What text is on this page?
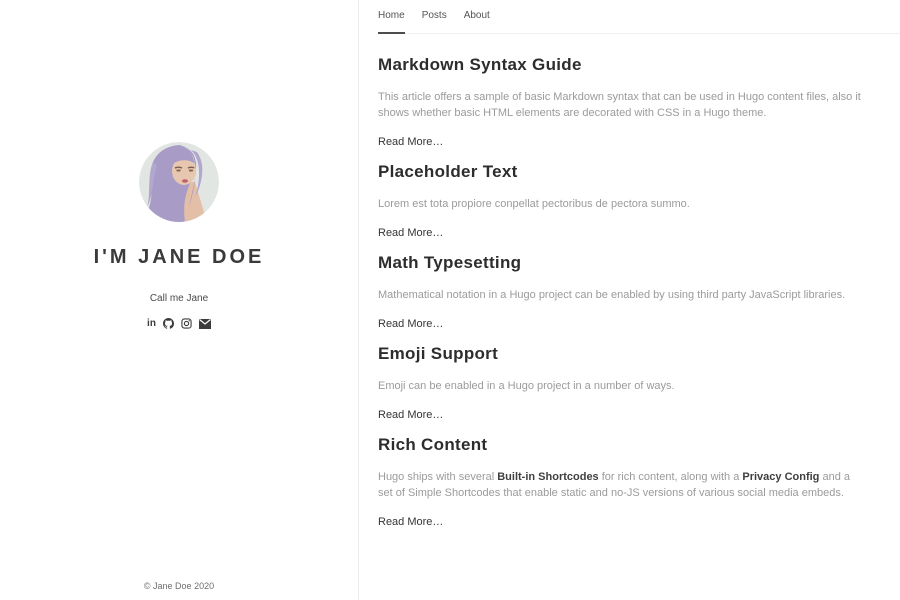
I'M JANE DOE
Call me Jane
in
© Jane Doe 2020
Home Posts About
Markdown Syntax Guide

This article offers a sample of basic Markdown syntax that can be used in Hugo content files, also it shows whether basic HTML elements are decorated with CSS in a Hugo theme.

Read More…
Placeholder Text

Lorem est tota propiore conpellat pectoribus de pectora summo.

Read More…
Math Typesetting

Mathematical notation in a Hugo project can be enabled by using third party JavaScript libraries.

Read More…
Emoji Support

Emoji can be enabled in a Hugo project in a number of ways.

Read More…
Rich Content

Hugo ships with several Built-in Shortcodes for rich content, along with a Privacy Config and a set of Simple Shortcodes that enable static and no-JS versions of various social media embeds.

Read More…
